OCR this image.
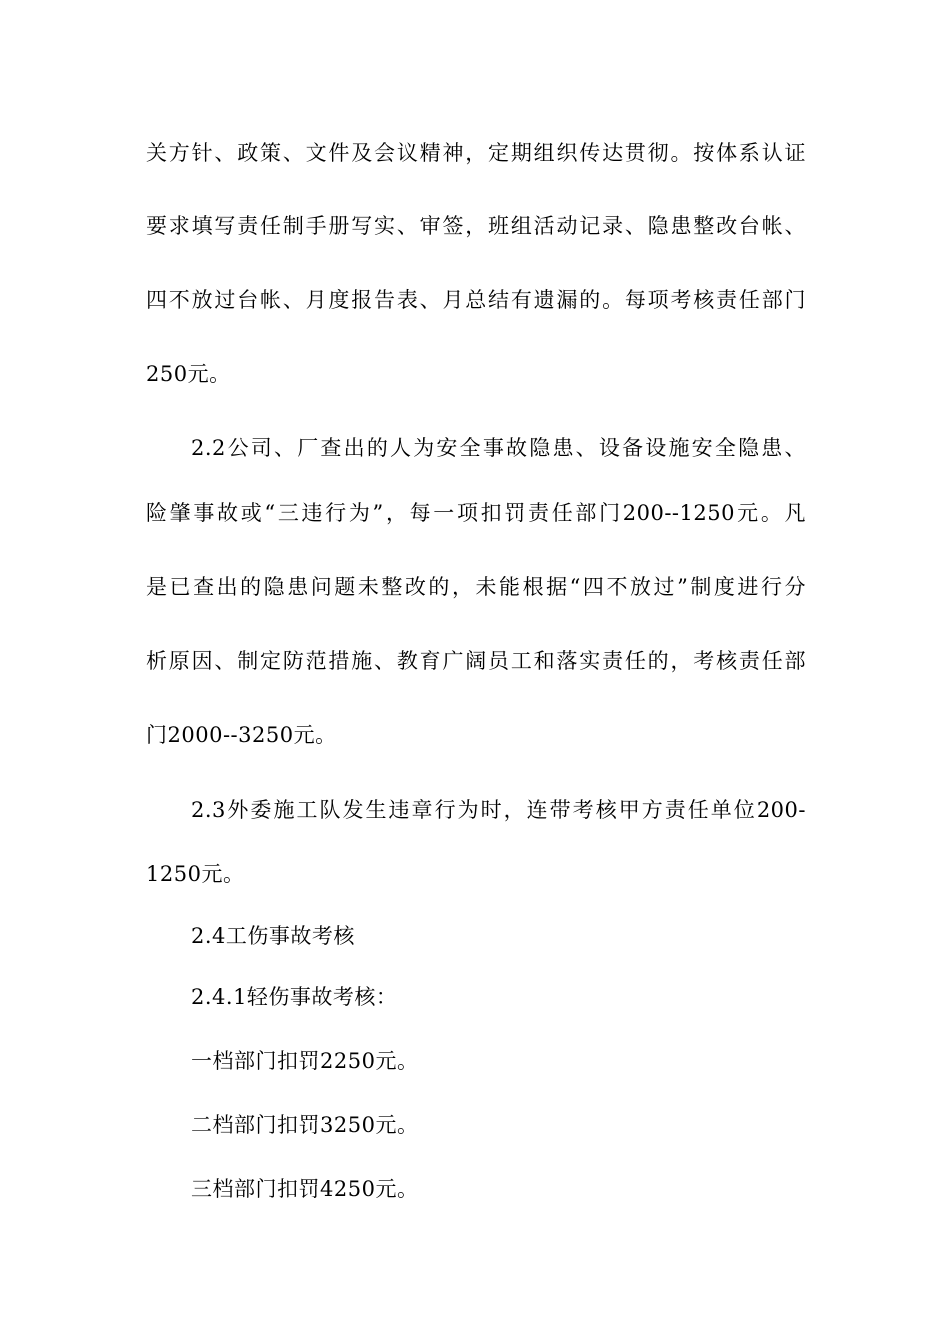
关方针、政策、文件及会议精神，定期组织传达贯彻。按体系认证
要求填写责任制手册写实、审签，班组活动记录、隐患整改台帐、
四不放过台帐、月度报告表、月总结有遗漏的。每项考核责任部门
250元。
2.2公司、厂查出的人为安全事故隐患、设备设施安全隐患、
险肇事故或“三违行为”，每一项扣罚责任部门200--1250元。凡
是已查出的隐患问题未整改的，未能根据“四不放过”制度进行分
析原因、制定防范措施、教育广阔员工和落实责任的，考核责任部
门2000--3250元。
2.3外委施工队发生违章行为时，连带考核甲方责任单位200-
1250元。
2.4工伤事故考核
2.4.1轻伤事故考核：
一档部门扣罚2250元。
二档部门扣罚3250元。
三档部门扣罚4250元。
